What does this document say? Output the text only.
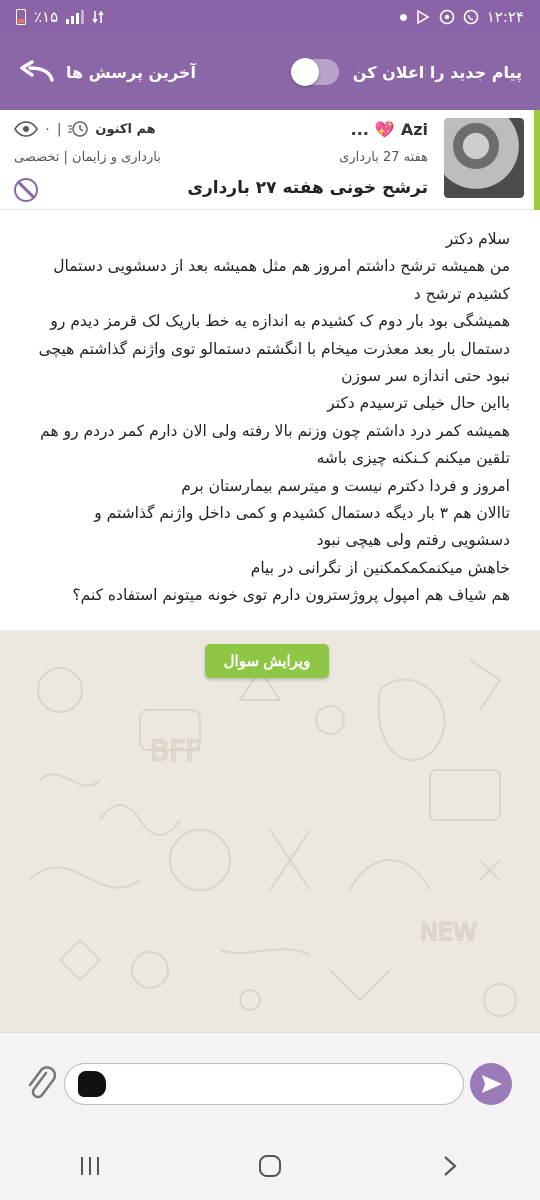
٪۱۵	۱۲:۲۴
آخرین پرسش ها	پیام جدید را اعلان کن
Azi
💖
...
هفته 27 بارداری
ترشح خونی هفته ۲۷ بارداری
۰ |	هم اکنون
بارداری و زایمان | تخصصی

سلام دکتر

من همیشه ترشح داشتم امروز هم مثل همیشه بعد از دسشویی دستمال

کشیدم ترشح د

همیشگی بود بار دوم ک کشیدم به اندازه یه خط باریک لک قرمز دیدم رو

دستمال بار بعد معذرت میخام با انگشتم دستمالو توی واژنم گذاشتم هیچی

نبود حتی اندازه سر سوزن

بااین حال خیلی ترسیدم دکتر

همیشه کمر درد داشتم چون وزنم بالا رفته ولی الان دارم کمر دردم رو هم

تلقین میکنم کـنکنه چیزی باشه

امروز و فردا دکترم نیست و میترسم بیمارستان برم

تاالان هم ۳ بار دیگه دستمال کشیدم و کمی داخل واژنم گذاشتم و

دسشویی رفتم ولی هیچی نبود

خاهش میکنمکمکمکنین از نگرانی در بیام

هم شیاف هم امپول پروژسترون دارم توی خونه میتونم استفاده کنم؟

BFF
NEW
ویرایش سوال
